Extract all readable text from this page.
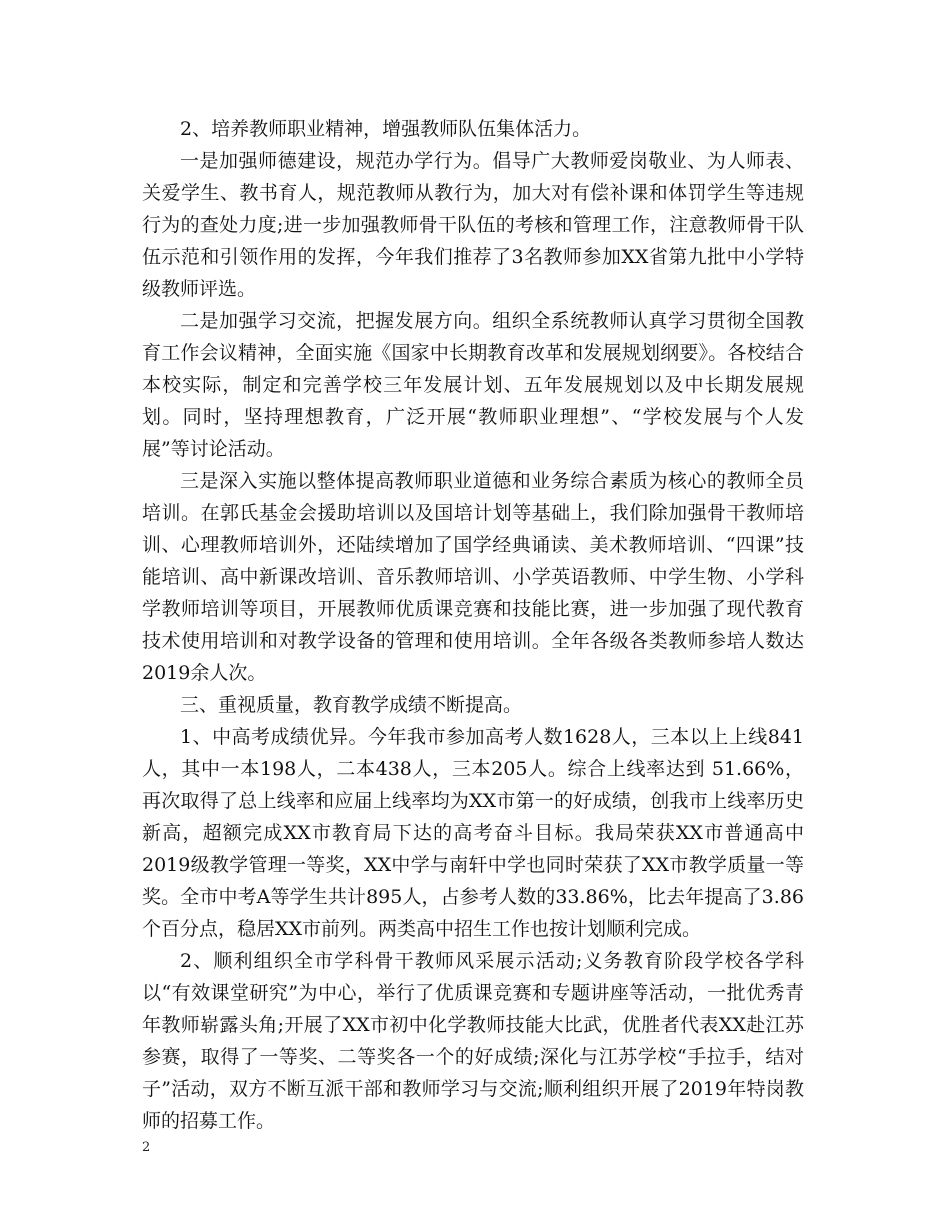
2、培养教师职业精神，增强教师队伍集体活力。

一是加强师德建设，规范办学行为。倡导广大教师爱岗敬业、为人师表、关爱学生、教书育人，规范教师从教行为，加大对有偿补课和体罚学生等违规行为的查处力度;进一步加强教师骨干队伍的考核和管理工作，注意教师骨干队伍示范和引领作用的发挥，今年我们推荐了3名教师参加XX省第九批中小学特级教师评选。

二是加强学习交流，把握发展方向。组织全系统教师认真学习贯彻全国教育工作会议精神，全面实施《国家中长期教育改革和发展规划纲要》。各校结合本校实际，制定和完善学校三年发展计划、五年发展规划以及中长期发展规划。同时，坚持理想教育，广泛开展“教师职业理想”、“学校发展与个人发展”等讨论活动。

三是深入实施以整体提高教师职业道德和业务综合素质为核心的教师全员培训。在郭氏基金会援助培训以及国培计划等基础上，我们除加强骨干教师培训、心理教师培训外，还陆续增加了国学经典诵读、美术教师培训、“四课”技能培训、高中新课改培训、音乐教师培训、小学英语教师、中学生物、小学科学教师培训等项目，开展教师优质课竞赛和技能比赛，进一步加强了现代教育技术使用培训和对教学设备的管理和使用培训。全年各级各类教师参培人数达2019余人次。

三、重视质量，教育教学成绩不断提高。

1、中高考成绩优异。今年我市参加高考人数1628人，三本以上上线841人，其中一本198人，二本438人，三本205人。综合上线率达到 51.66%，再次取得了总上线率和应届上线率均为XX市第一的好成绩，创我市上线率历史新高，超额完成XX市教育局下达的高考奋斗目标。我局荣获XX市普通高中2019级教学管理一等奖，XX中学与南轩中学也同时荣获了XX市教学质量一等奖。全市中考A等学生共计895人，占参考人数的33.86%，比去年提高了3.86个百分点，稳居XX市前列。两类高中招生工作也按计划顺利完成。

2、顺利组织全市学科骨干教师风采展示活动;义务教育阶段学校各学科以“有效课堂研究”为中心，举行了优质课竞赛和专题讲座等活动，一批优秀青年教师崭露头角;开展了XX市初中化学教师技能大比武，优胜者代表XX赴江苏参赛，取得了一等奖、二等奖各一个的好成绩;深化与江苏学校“手拉手，结对子”活动，双方不断互派干部和教师学习与交流;顺利组织开展了2019年特岗教师的招募工作。

2
